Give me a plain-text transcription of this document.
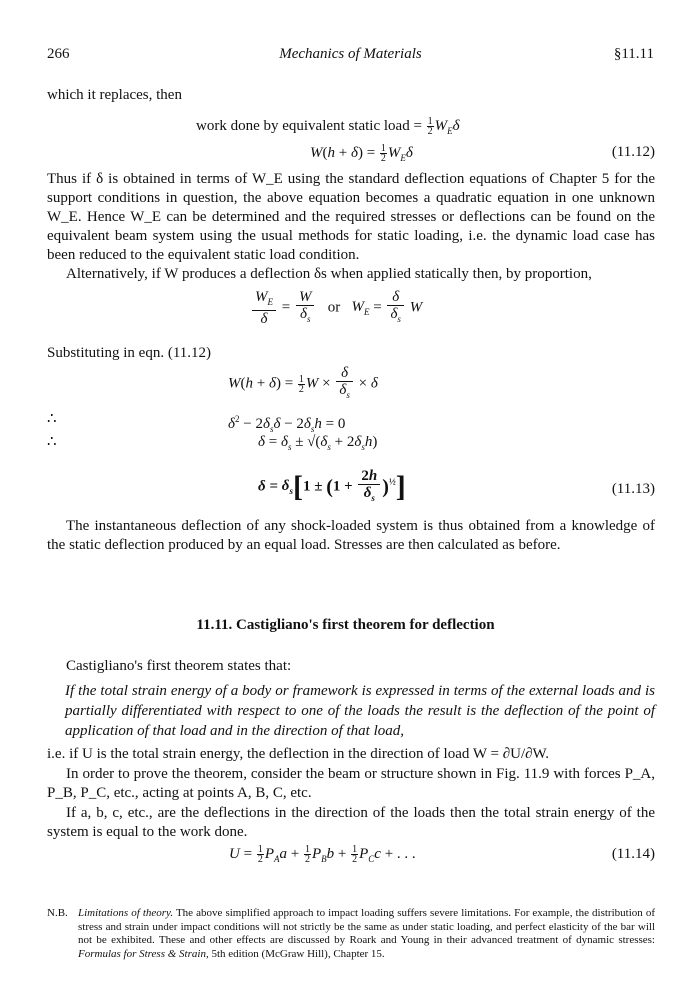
266	Mechanics of Materials	§11.11
which it replaces, then
work done by equivalent static load = $\frac{1}{2} W_E\delta$
$W(h + \delta) = \frac{1}{2} W_E\delta$	(11.12)
Thus if δ is obtained in terms of W_E using the standard deflection equations of Chapter 5 for the support conditions in question, the above equation becomes a quadratic equation in one unknown W_E. Hence W_E can be determined and the required stresses or deflections can be found on the equivalent beam system using the usual methods for static loading, i.e. the dynamic load case has been reduced to the equivalent static load condition.
Alternatively, if W produces a deflection δs when applied statically then, by proportion,
$\frac{W_E}{\delta} = \frac{W}{\delta_s}$ or $W_E = \frac{\delta}{\delta_s}$ W
Substituting in eqn. (11.12)
$W(h + \delta) = \frac{1}{2}$ $W \times \frac{\delta}{\delta_s} \times \delta$
∴	$\delta^2 - 2\delta_s\delta - 2\delta_sh = 0$
∴	$\delta = \delta_s \pm √(\delta_s + 2\delta_sh)$
$\delta = \delta_s[1 \pm (1 + \frac{2h}{\delta_s} )^{\frac{1}{2}}]$	(11.13)
The instantaneous deflection of any shock-loaded system is thus obtained from a knowledge of the static deflection produced by an equal load. Stresses are then calculated as before.
11.11. Castigliano's first theorem for deflection
Castigliano's first theorem states that:
If the total strain energy of a body or framework is expressed in terms of the external loads and is partially differentiated with respect to one of the loads the result is the deflection of the point of application of that load and in the direction of that load,
i.e. if U is the total strain energy, the deflection in the direction of load W = ∂U/∂W.
In order to prove the theorem, consider the beam or structure shown in Fig. 11.9 with forces P_A, P_B, P_C, etc., acting at points A, B, C, etc.
If a, b, c, etc., are the deflections in the direction of the loads then the total strain energy of the system is equal to the work done.
$U = \frac{1}{2} P_Aa + \frac{1}{2} P_Bb + \frac{1}{2} P_Cc$ + . . .	(11.14)
N.B. Limitations of theory. The above simplified approach to impact loading suffers severe limitations. For example, the distribution of stress and strain under impact conditions will not strictly be the same as under static loading, and perfect elasticity of the bar will not be exhibited. These and other effects are discussed by Roark and Young in their advanced treatment of dynamic stresses: Formulas for Stress & Strain, 5th edition (McGraw Hill), Chapter 15.
